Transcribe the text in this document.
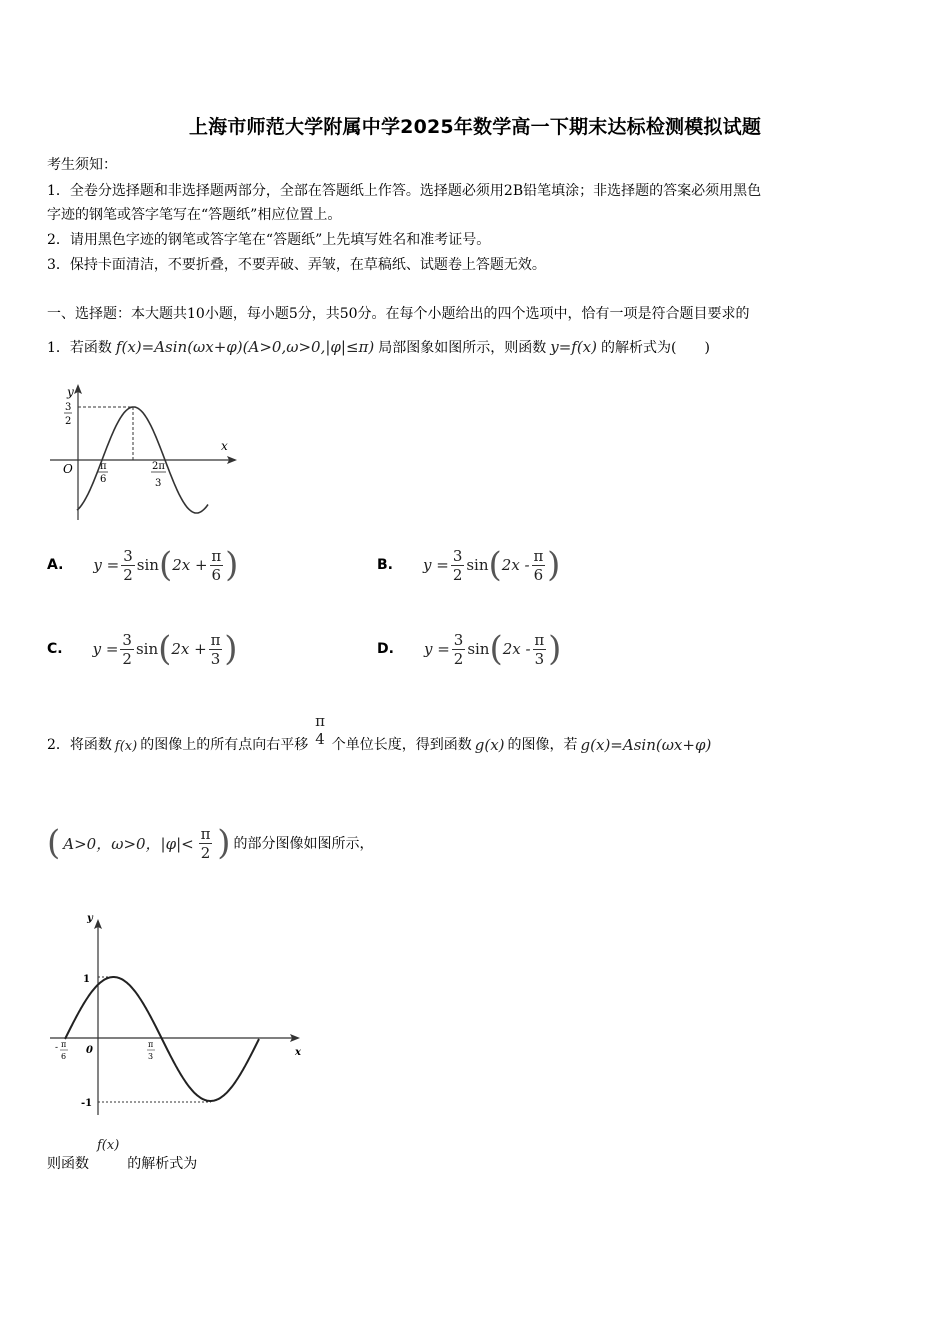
上海市师范大学附属中学2025年数学高一下期末达标检测模拟试题
考生须知：
1．全卷分选择题和非选择题两部分，全部在答题纸上作答。选择题必须用2B铅笔填涂；非选择题的答案必须用黑色
字迹的钢笔或答字笔写在“答题纸”相应位置上。
2．请用黑色字迹的钢笔或答字笔在“答题纸”上先填写姓名和准考证号。
3．保持卡面清洁，不要折叠，不要弄破、弄皱，在草稿纸、试题卷上答题无效。
一、选择题：本大题共10小题，每小题5分，共50分。在每个小题给出的四个选项中，恰有一项是符合题目要求的
1．若函数 f(x)=Asin(ωx+φ)(A>0,ω>0,|φ|≤π) 局部图象如图所示，则函数 y=f(x) 的解析式为(　　)
y
x
O
3
2
π
6
2π
3
A. $y = \frac{3}{2}$ sin ( $2x + \frac{\pi}{6}$ )	B. $y = \frac{3}{2}$ sin ( $2x - \frac{\pi}{6}$ )
C. $y = \frac{3}{2}$ sin ( $2x + \frac{\pi}{3}$ )	D. $y = \frac{3}{2}$ sin ( $2x - \frac{\pi}{3}$ )
2．将函数 f(x) 的图像上的所有点向右平移
π
4 个单位长度，得到函数 g(x) 的图像，若 g(x)=Asin(ωx+φ)
( A>0，ω>0，$|\varphi|< \frac{\pi}{2}$ ) 的部分图像如图所示，
y
x
0
1
-1
- π
6
π
3
则函数
f(x)
的解析式为
